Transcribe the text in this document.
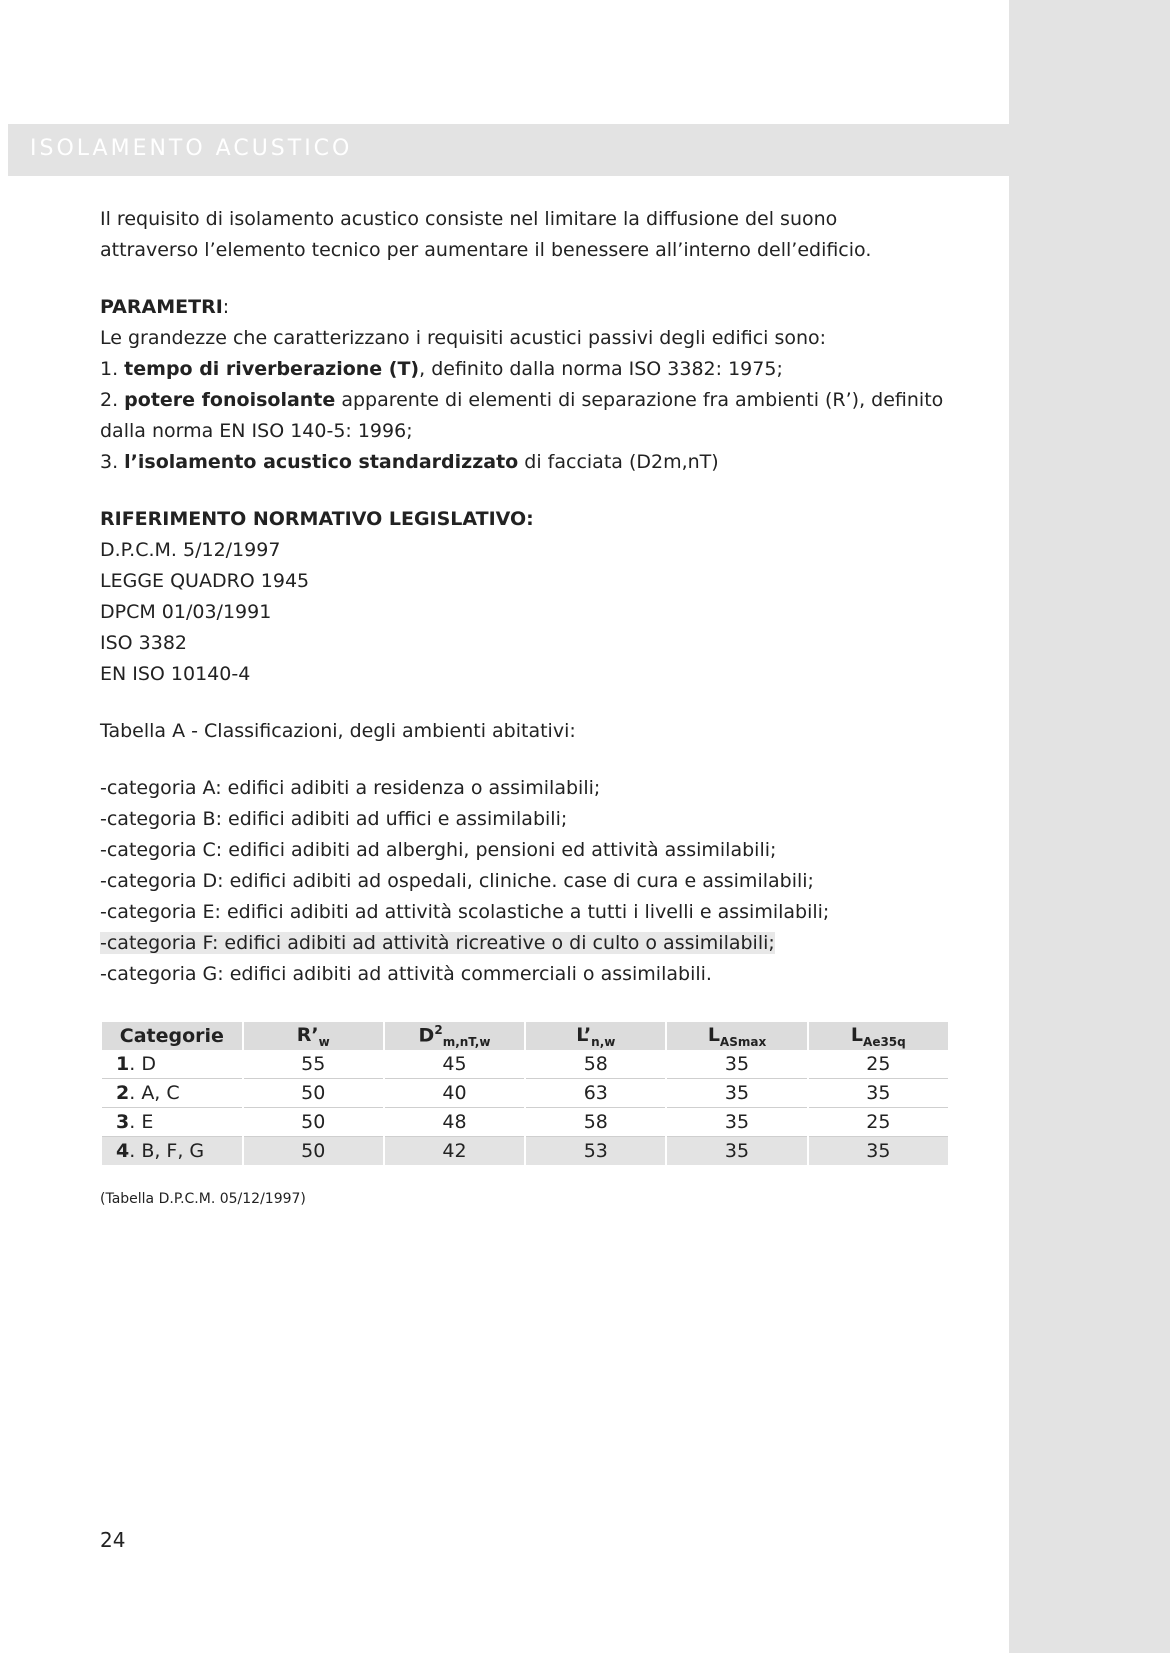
ISOLAMENTO ACUSTICO

Il requisito di isolamento acustico consiste nel limitare la diffusione del suono

attraverso l’elemento tecnico per aumentare il benessere all’interno dell’edificio.

PARAMETRI:

Le grandezze che caratterizzano i requisiti acustici passivi degli edifici sono:

1. tempo di riverberazione (T), definito dalla norma ISO 3382: 1975;

2. potere fonoisolante apparente di elementi di separazione fra ambienti (R’), definito

dalla norma EN ISO 140-5: 1996;

3. l’isolamento acustico standardizzato di facciata (D2m,nT)

RIFERIMENTO NORMATIVO LEGISLATIVO:

D.P.C.M. 5/12/1997

LEGGE QUADRO 1945

DPCM 01/03/1991

ISO 3382

EN ISO 10140-4

Tabella A - Classificazioni, degli ambienti abitativi:

-categoria A: edifici adibiti a residenza o assimilabili;

-categoria B: edifici adibiti ad uffici e assimilabili;

-categoria C: edifici adibiti ad alberghi, pensioni ed attività assimilabili;

-categoria D: edifici adibiti ad ospedali, cliniche. case di cura e assimilabili;

-categoria E: edifici adibiti ad attività scolastiche a tutti i livelli e assimilabili;

-categoria F: edifici adibiti ad attività ricreative o di culto o assimilabili;

-categoria G: edifici adibiti ad attività commerciali o assimilabili.

Categorie	$R’_w$	$D^2_{m,nT,w}$	$L’_{n,w}$	$L_{ASmax}$	$L_{Ae35q}$
1. D	55	45	58	35	25
2. A, C	50	40	63	35	35
3. E	50	48	58	35	25
4. B, F, G	50	42	53	35	35
(Tabella D.P.C.M. 05/12/1997)
24
